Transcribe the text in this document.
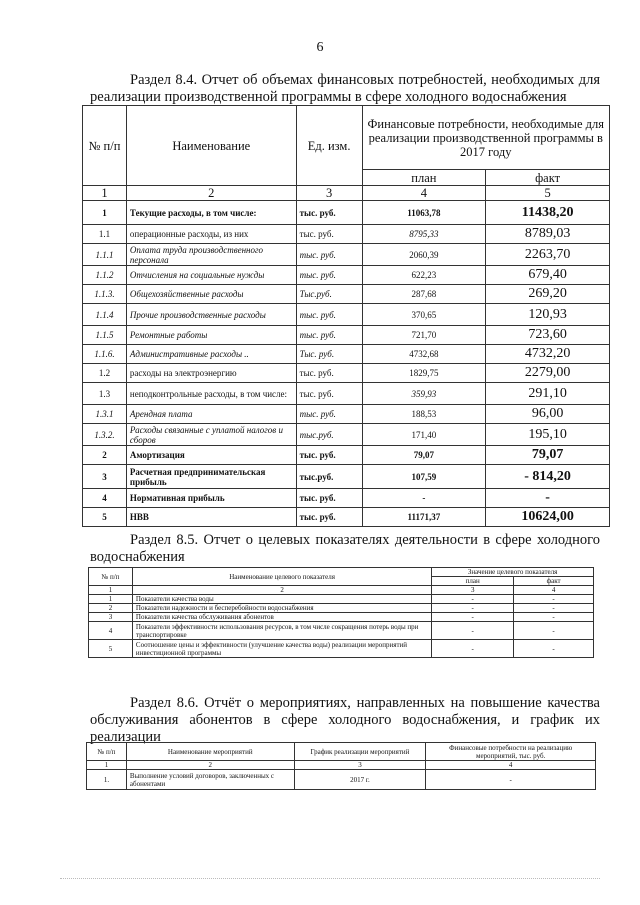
6
Раздел 8.4. Отчет об объемах финансовых потребностей, необходимых для реализации производственной программы в сфере холодного водоснабжения
№ п/п	Наименование	Ед. изм.	Финансовые потребности, необходимые для реализации производственной программы в 2017 году	
			план	факт
1	2	3	4	5
1	Текущие расходы, в том числе:	тыс. руб.	11063,78	11438,20
1.1	операционные расходы, из них	тыс. руб.	8795,33	8789,03
1.1.1	Оплата труда производственного персонала	тыс. руб.	2060,39	2263,70
1.1.2	Отчисления на социальные нужды	тыс. руб.	622,23	679,40
1.1.3.	Общехозяйственные расходы	Тыс.руб.	287,68	269,20
1.1.4	Прочие производственные расходы	тыс. руб.	370,65	120,93
1.1.5	Ремонтные работы	тыс. руб.	721,70	723,60
1.1.6.	Административные расходы ..	Тыс. руб.	4732,68	4732,20
1.2	расходы на электроэнергию	тыс. руб.	1829,75	2279,00
1.3	неподконтрольные расходы, в том числе:	тыс. руб.	359,93	291,10
1.3.1	Арендная плата	тыс. руб.	188,53	96,00
1.3.2.	Расходы связанные с уплатой налогов и сборов	тыс.руб.	171,40	195,10
2	Амортизация	тыс. руб.	79,07	79,07
3	Расчетная предпринимательская прибыль	тыс.руб.	107,59	- 814,20
4	Нормативная прибыль	тыс. руб.	-	-
5	НВВ	тыс. руб.	11171,37	10624,00
Раздел 8.5. Отчет о целевых показателях деятельности в сфере холодного водоснабжения
№ п/п	Наименование целевого показателя	Значение целевого показателя	
		план	факт
1	2	3	4
1	Показатели качества воды	-	-
2	Показатели надежности и бесперебойности водоснабжения	-	-
3	Показатели качества обслуживания абонентов	-	-
4	Показатели эффективности использования ресурсов, в том числе сокращения потерь воды при транспортировке	-	-
5	Соотношение цены и эффективности (улучшение качества воды) реализации мероприятий инвестиционной программы	-	-
Раздел 8.6. Отчёт о мероприятиях, направленных на повышение качества обслуживания абонентов в сфере холодного водоснабжения, и график их реализации
№ п/п	Наименование мероприятий	График реализации мероприятий	Финансовые потребности на реализацию мероприятий, тыс. руб.
1	2	3	4
1.	Выполнение условий договоров, заключенных с абонентами	2017 г.	-
